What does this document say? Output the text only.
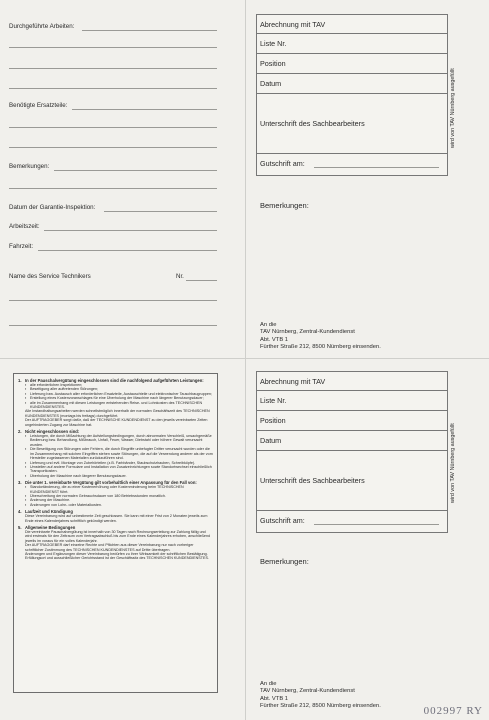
Durchgeführte Arbeiten:
Benötigte Ersatzteile:
Bemerkungen:
Datum der Garantie-Inspektion:
Arbeitszeit:
Fahrzeit:
Name des Service Technikers	Nr.
Abrechnung mit TAV
Liste Nr.
Position
Datum
Unterschrift des Sachbearbeiters
Gutschrift am:
wird von TAV Nürnberg ausgefüllt
Bemerkungen:
An die
TAV Nürnberg, Zentral-Kundendienst
Abt. VTB 1
Fürther Straße 212, 8500 Nürnberg einsenden.
1. In der Pauschalvergütung eingeschlossen sind die nachfolgend aufgeführten Leistungen:
▪ alle erforderlichen Inspektionen;
▪ Beseitigung aller auftretenden Störungen;
▪ Lieferung bzw. Austausch aller erforderlichen Ersatzteile, Austauschteile und elektronischer Tauschbaugruppen;
▪ Erstellung eines Kostenvoranschlages für eine Überholung der Maschine nach längerer Benutzungsdauer;
▪ alle im Zusammenhang mit diesen Leistungen entstehenden Reise- und Lohnkosten des TECHNISCHEN KUNDENDIENSTES.
Alle Instandhaltungsarbeiten werden schnellstmöglich innerhalb der normalen Geschäftszeit des TECHNISCHEN KUNDENDIENSTES (montags bis freitags) durchgeführt.
Der AUFTRAGGEBER sorgt dafür, daß der TECHNISCHE KUNDENDIENST zu den jeweils vereinbarten Zeiten ungehinderten Zugang zur Maschine hat.
2. Nicht eingeschlossen sind:
▪ Leistungen, die durch Mißachtung der Aufstellungsbedingungen, durch abnormalen Verschleiß, unsachgemäße Bedienung bzw. Behandlung, Mißbrauch, Unfall, Feuer, Wasser, Diebstahl oder höhere Gewalt verursacht wurden.
▪ Die Beseitigung von Störungen oder Fehlern, die durch Eingriffe unbefugter Dritter verursacht wurden oder die im Zusammenhang mit solchen Eingriffen stehen sowie Störungen, die auf die Verwendung anderer als der vom Hersteller zugelassenen Materialien zurückzuführen sind.
▪ Lieferung und evtl. Montage von Zubehörteilen (z.B. Farbbänder, Staubschutzhauben, Schreibköpfe).
▪ Umstellen auf andere Formulare und Installation von Zusatzeinrichtungen sowie Standortwechsel einschließlich Transportkosten.
▪ Überholung der Maschine nach längerer Benutzungsdauer.
3. Die unter 1. vereinbarte Vergütung gilt vorbehaltlich einer Anpassung für den Fall von:
▪ Standortänderung, die zu einer Kostenerhöhung oder Kostenminderung beim TECHNISCHEN KUNDENDIENST führt.
▪ Überschreitung der normalen Gebrauchsdauer von 180 Betriebsstunden monatlich.
▪ Änderung der Maschine.
▪ Änderungen von Lohn- oder Materialkosten.
4. Laufzeit und Kündigung
Diese Vereinbarung wird auf unbestimmte Zeit geschlossen. Sie kann mit einer Frist von 2 Monaten jeweils zum Ende eines Kalenderjahres schriftlich gekündigt werden.
5. Allgemeine Bedingungen
Die vereinbarte Pauschalvergütung ist innerhalb von 30 Tagen nach Rechnungserteilung zur Zahlung fällig und wird erstmals für den Zeitraum vom Vertragsabschluß bis zum Ende eines Kalenderjahres erhoben, anschließend jeweils im voraus für ein volles Kalenderjahr.
Der AUFTRAGGEBER darf einzelne Rechte und Pflichten aus dieser Vereinbarung nur nach vorheriger schriftlicher Zustimmung des TECHNISCHEN KUNDENDIENSTES auf Dritte übertragen.
Änderungen und Ergänzungen dieser Vereinbarung bedürfen zu ihrer Wirksamkeit der schriftlichen Bestätigung.
Erfüllungsort und ausschließlicher Gerichtsstand ist der Geschäftssitz des TECHNISCHEN KUNDENDIENSTES.
Abrechnung mit TAV
Liste Nr.
Position
Datum
Unterschrift des Sachbearbeiters
Gutschrift am:
wird von TAV Nürnberg ausgefüllt
Bemerkungen:
An die
TAV Nürnberg, Zentral-Kundendienst
Abt. VTB 1
Fürther Straße 212, 8500 Nürnberg einsenden.	002997 RY
